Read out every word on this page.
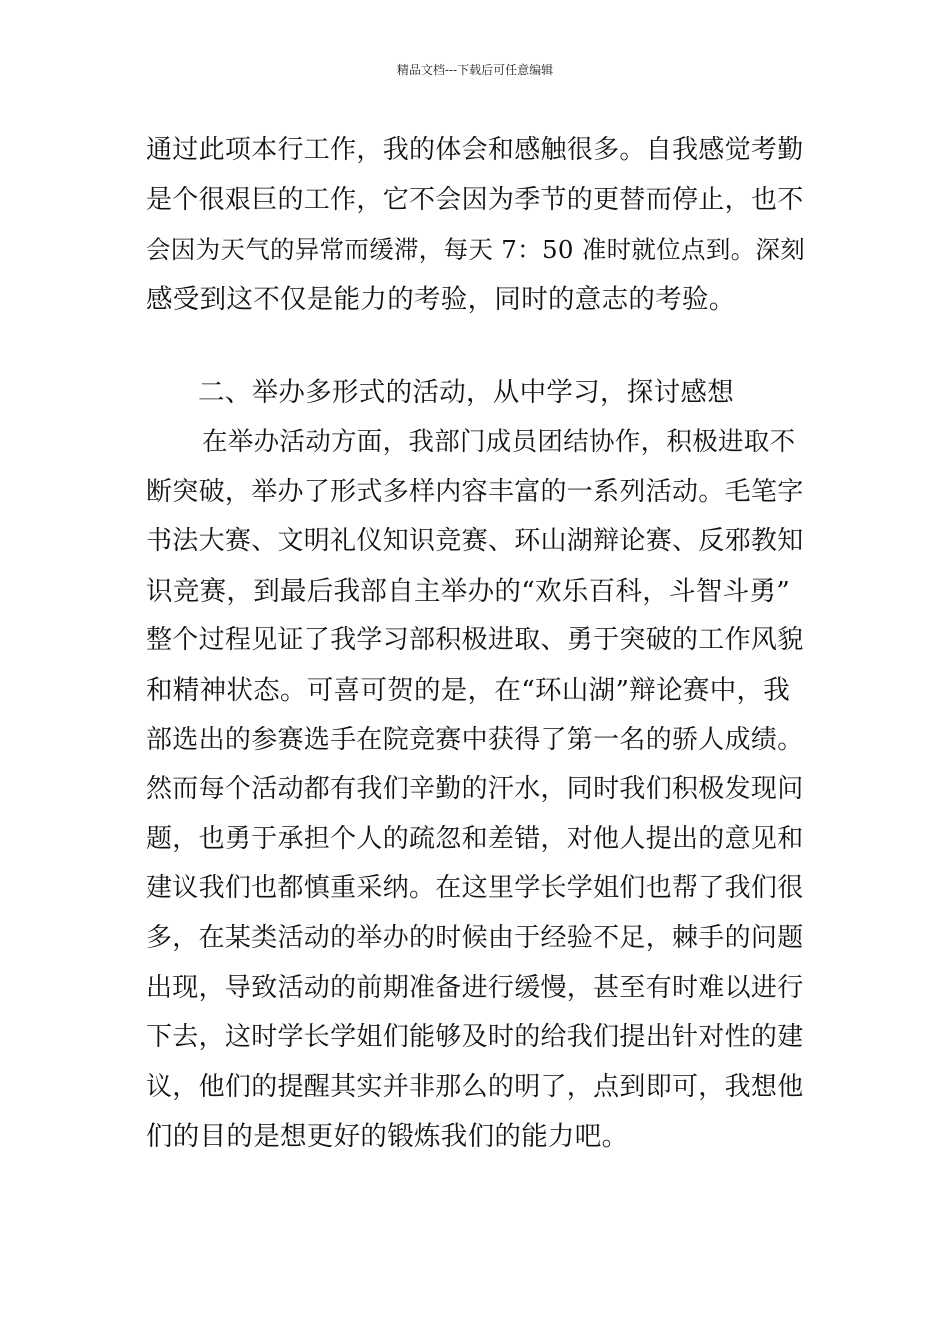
精品文档---下载后可任意编辑
通过此项本行工作，我的体会和感触很多。自我感觉考勤
是个很艰巨的工作，它不会因为季节的更替而停止，也不
会因为天气的异常而缓滞，每天 7：50 准时就位点到。深刻
感受到这不仅是能力的考验，同时的意志的考验。
二、举办多形式的活动，从中学习，探讨感想
在举办活动方面，我部门成员团结协作，积极进取不
断突破，举办了形式多样内容丰富的一系列活动。毛笔字
书法大赛、文明礼仪知识竞赛、环山湖辩论赛、反邪教知
识竞赛，到最后我部自主举办的“欢乐百科，斗智斗勇”
整个过程见证了我学习部积极进取、勇于突破的工作风貌
和精神状态。可喜可贺的是，在“环山湖”辩论赛中，我
部选出的参赛选手在院竞赛中获得了第一名的骄人成绩。
然而每个活动都有我们辛勤的汗水，同时我们积极发现问
题，也勇于承担个人的疏忽和差错，对他人提出的意见和
建议我们也都慎重采纳。在这里学长学姐们也帮了我们很
多，在某类活动的举办的时候由于经验不足，棘手的问题
出现，导致活动的前期准备进行缓慢，甚至有时难以进行
下去，这时学长学姐们能够及时的给我们提出针对性的建
议，他们的提醒其实并非那么的明了，点到即可，我想他
们的目的是想更好的锻炼我们的能力吧。
